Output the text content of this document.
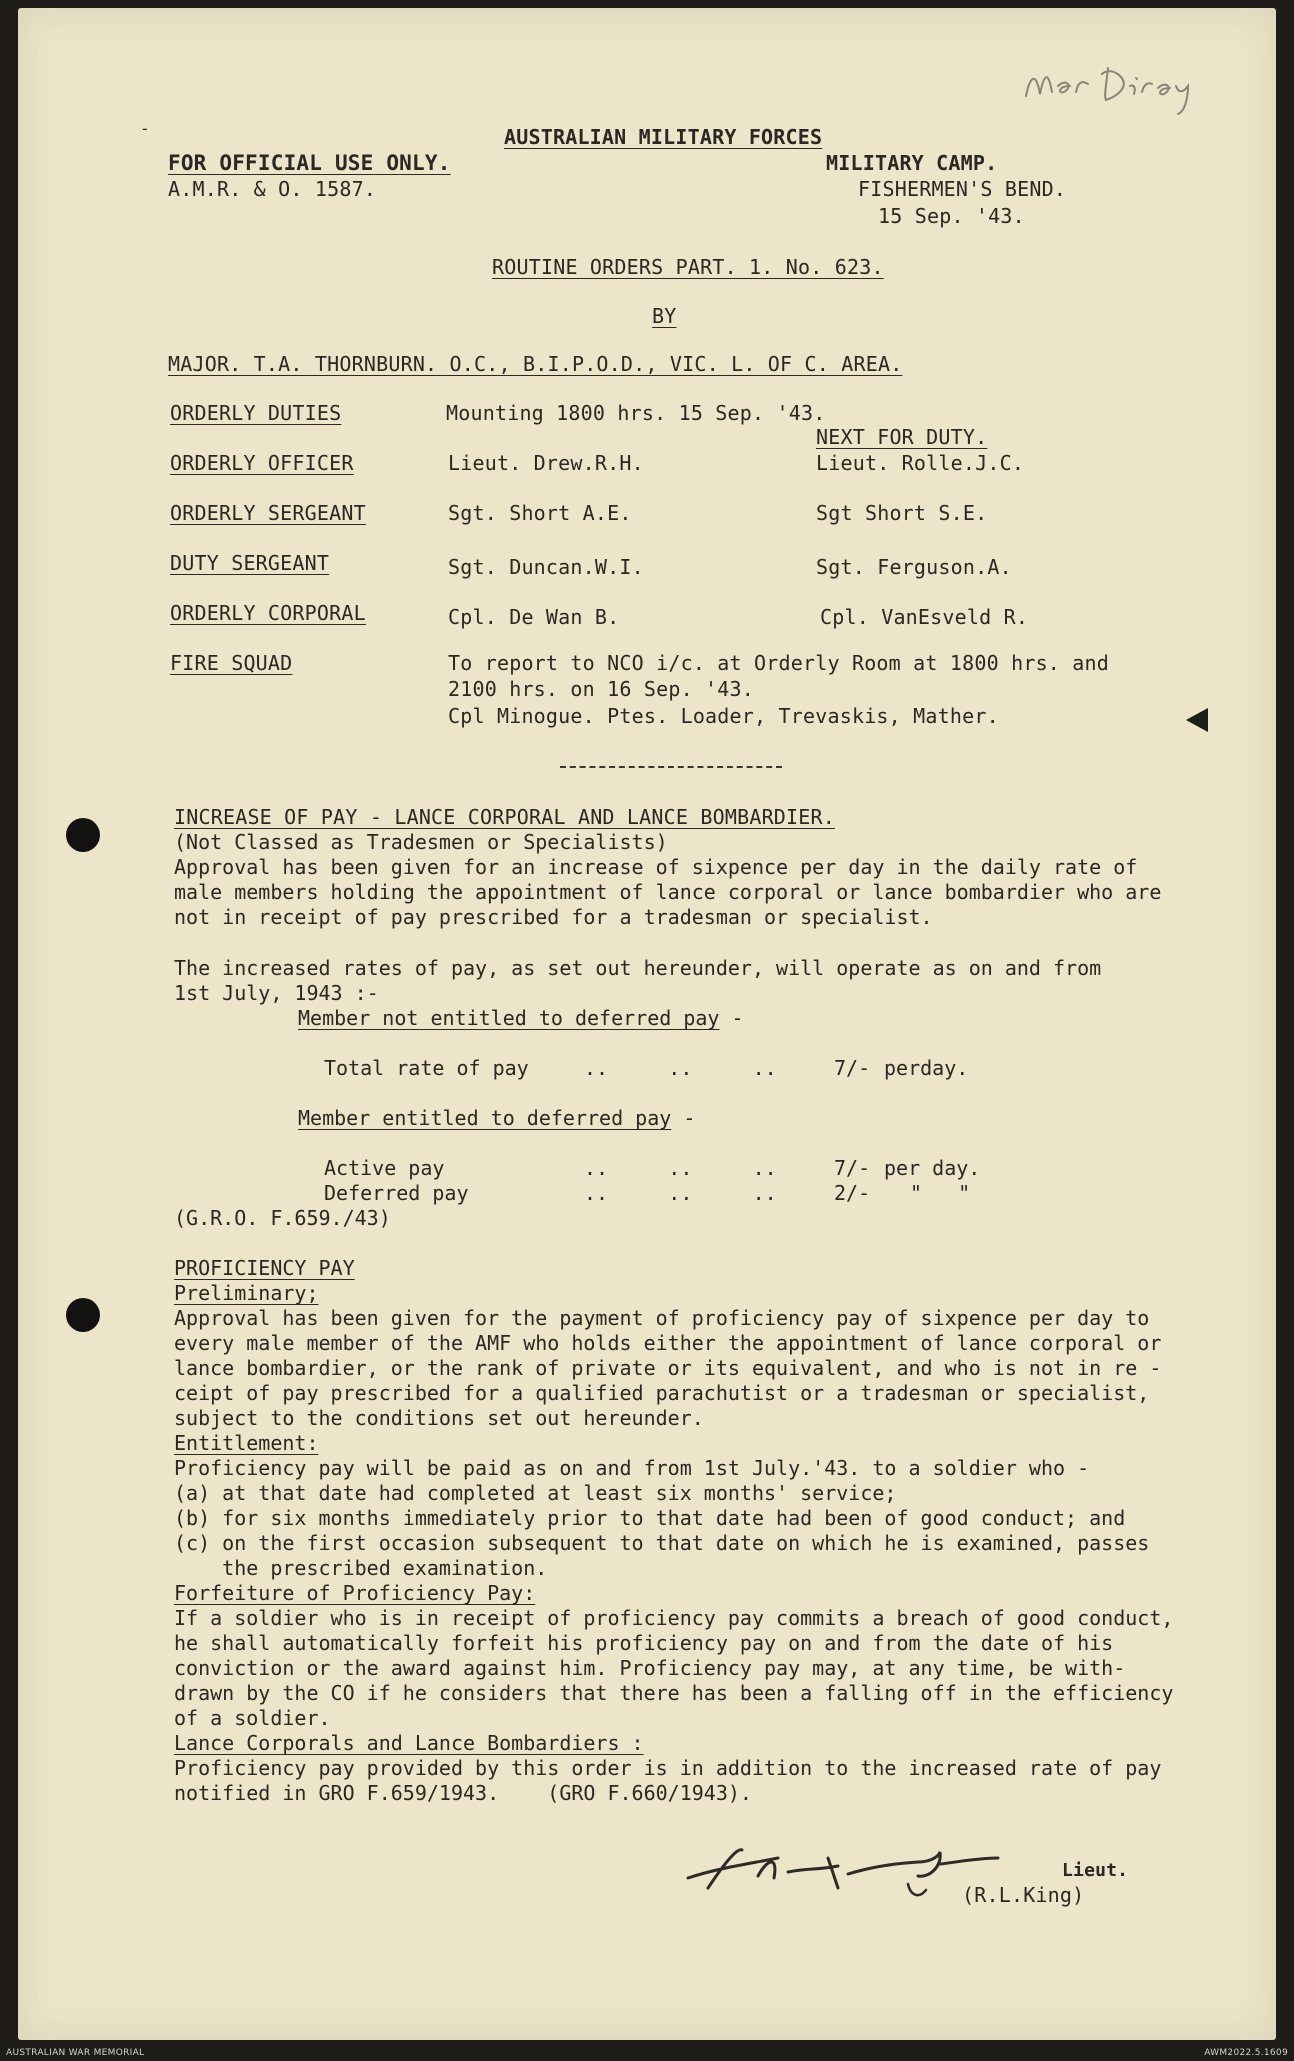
-	AUSTRALIAN MILITARY FORCES
FOR OFFICIAL USE ONLY.
A.M.R. & O. 1587.
MILITARY CAMP.
FISHERMEN'S BEND.
15 Sep. '43.
ROUTINE ORDERS PART. 1. No. 623.
BY
MAJOR. T.A. THORNBURN. O.C., B.I.P.O.D., VIC. L. OF C. AREA.
ORDERLY DUTIES	Mounting 1800 hrs. 15 Sep. '43.
NEXT FOR DUTY.
ORDERLY OFFICER	Lieut. Drew.R.H.	Lieut. Rolle.J.C.
ORDERLY SERGEANT	Sgt. Short A.E.	Sgt Short S.E.
DUTY SERGEANT	Sgt. Duncan.W.I.	Sgt. Ferguson.A.
ORDERLY CORPORAL	Cpl. De Wan B.	Cpl. VanEsveld R.
FIRE SQUAD	To report to NCO i/c. at Orderly Room at 1800 hrs. and
2100 hrs. on 16 Sep. '43.
Cpl Minogue. Ptes. Loader, Trevaskis, Mather.
INCREASE OF PAY - LANCE CORPORAL AND LANCE BOMBARDIER.
(Not Classed as Tradesmen or Specialists)
Approval has been given for an increase of sixpence per day in the daily rate of
male members holding the appointment of lance corporal or lance bombardier who are
not in receipt of pay prescribed for a tradesman or specialist.
The increased rates of pay, as set out hereunder, will operate as on and from
1st July, 1943 :-
Member not entitled to deferred pay -
Total rate of pay	..     ..     ..	7/- perday.
Member entitled to deferred pay -
Active pay	..     ..     ..	7/- per day.
Deferred pay	..     ..     ..	2/- "   "
(G.R.O. F.659./43)
PROFICIENCY PAY
Preliminary;
Approval has been given for the payment of proficiency pay of sixpence per day to
every male member of the AMF who holds either the appointment of lance corporal or
lance bombardier, or the rank of private or its equivalent, and who is not in re -
ceipt of pay prescribed for a qualified parachutist or a tradesman or specialist,
subject to the conditions set out hereunder.
Entitlement:
Proficiency pay will be paid as on and from 1st July.'43. to a soldier who -
(a) at that date had completed at least six months' service;
(b) for six months immediately prior to that date had been of good conduct; and
(c) on the first occasion subsequent to that date on which he is examined, passes
the prescribed examination.
Forfeiture of Proficiency Pay:
If a soldier who is in receipt of proficiency pay commits a breach of good conduct,
he shall automatically forfeit his proficiency pay on and from the date of his
conviction or the award against him. Proficiency pay may, at any time, be with-
drawn by the CO if he considers that there has been a falling off in the efficiency
of a soldier.
Lance Corporals and Lance Bombardiers :
Proficiency pay provided by this order is in addition to the increased rate of pay
notified in GRO F.659/1943.    (GRO F.660/1943).
Lieut.
(R.L.King)
AUSTRALIAN WAR MEMORIAL	AWM2022.5.1609
